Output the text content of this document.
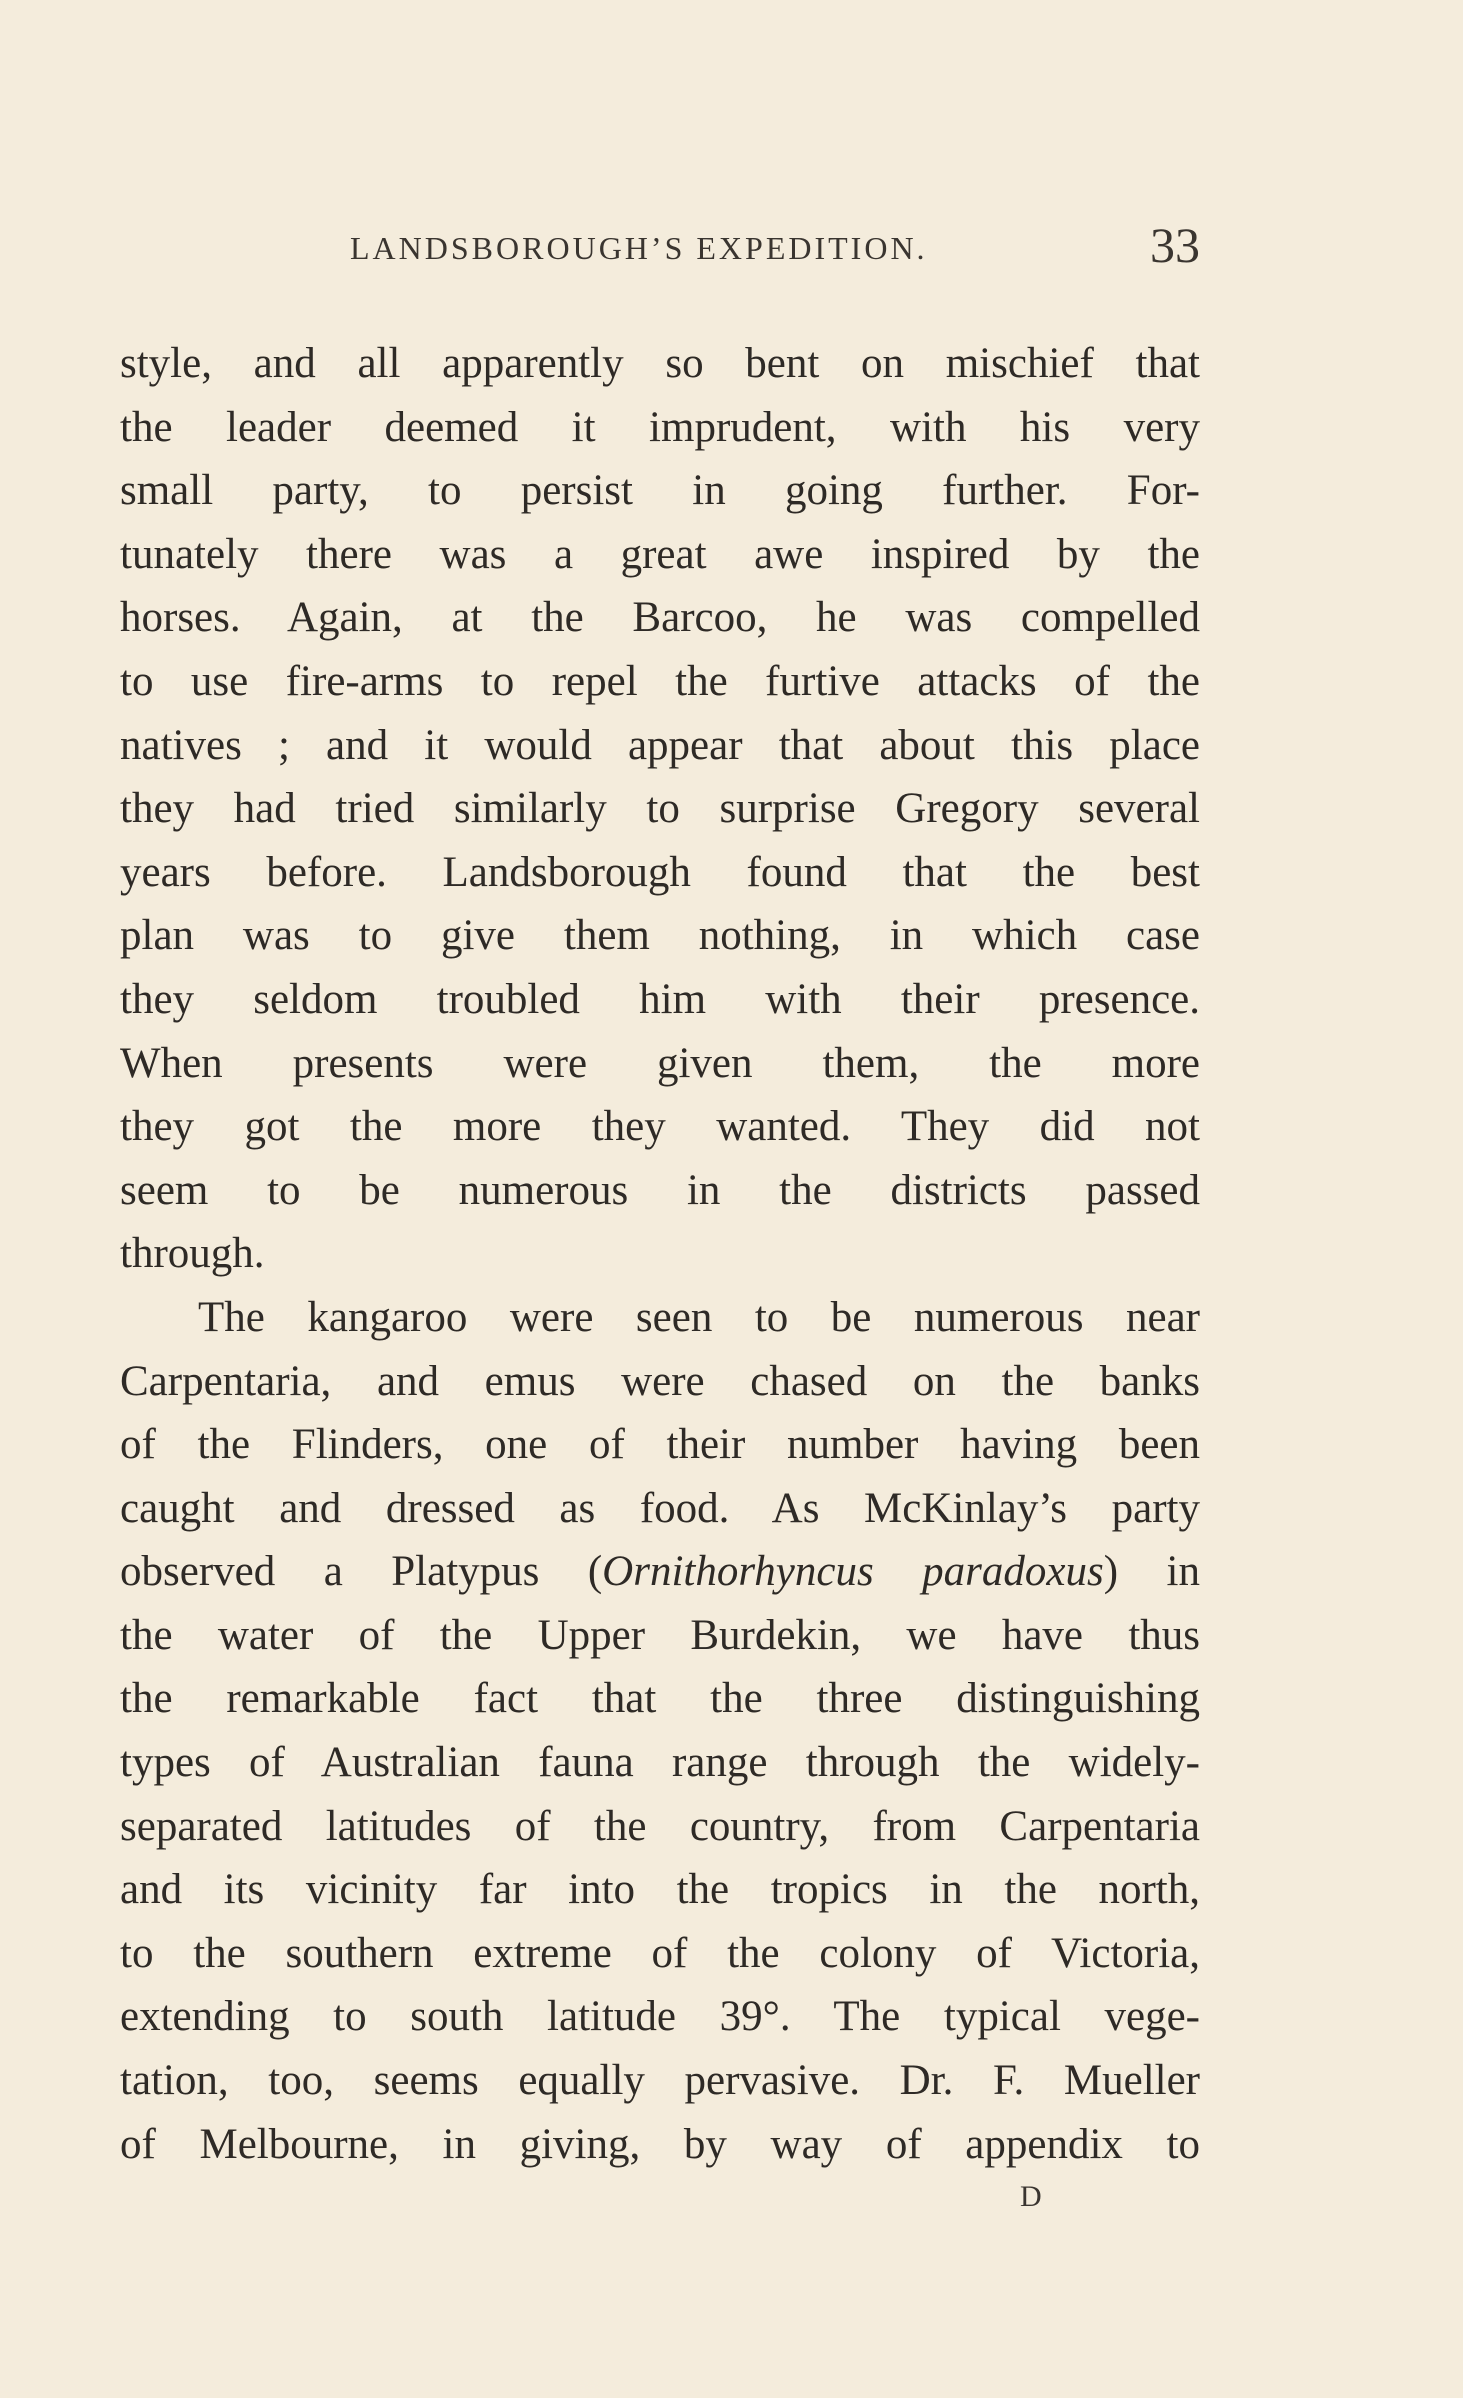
LANDSBOROUGH’S EXPEDITION.	33
style, and all apparently so bent on mischief that
the leader deemed it imprudent, with his very
small party, to persist in going further. For-
tunately there was a great awe inspired by the
horses. Again, at the Barcoo, he was compelled
to use fire-arms to repel the furtive attacks of the
natives ; and it would appear that about this place
they had tried similarly to surprise Gregory several
years before. Landsborough found that the best
plan was to give them nothing, in which case
they seldom troubled him with their presence.
When presents were given them, the more
they got the more they wanted. They did not
seem to be numerous in the districts passed
through.
The kangaroo were seen to be numerous near
Carpentaria, and emus were chased on the banks
of the Flinders, one of their number having been
caught and dressed as food. As McKinlay’s party
observed a Platypus (Ornithorhyncus paradoxus) in
the water of the Upper Burdekin, we have thus
the remarkable fact that the three distinguishing
types of Australian fauna range through the widely-
separated latitudes of the country, from Carpentaria
and its vicinity far into the tropics in the north,
to the southern extreme of the colony of Victoria,
extending to south latitude 39°. The typical vege-
tation, too, seems equally pervasive. Dr. F. Mueller
of Melbourne, in giving, by way of appendix to
D
